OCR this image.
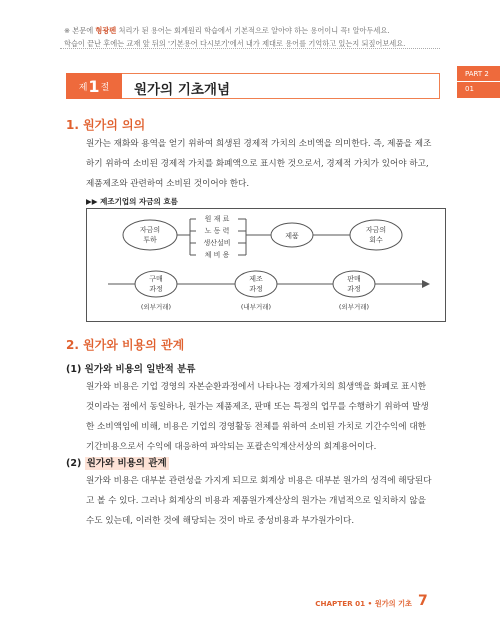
※ 본문에 형광펜 처리가 된 용어는 회계원리 학습에서 기본적으로 알아야 하는 용어이니 꼭! 알아두세요.
학습이 끝난 후에는 교재 앞 뒤의 '기본용어 다시보기'에서 내가 제대로 용어를 기억하고 있는지 되짚어보세요.
PART 2
01
제 1 절 원가의 기초개념
1. 원가의 의의
원가는 재화와 용역을 얻기 위하여 희생된 경제적 가치의 소비액을 의미한다. 즉, 제품을 제조
하기 위하여 소비된 경제적 가치를 화폐액으로 표시한 것으로서, 경제적 가치가 있어야 하고,
제품제조와 관련하여 소비된 것이어야 한다.
▶▶ 제조기업의 자금의 흐름
자금의
투하
원 재 료
노 동 력
생산설비
체 비 용
제품
자금의
회수
구매
과정
(외부거래)
제조
과정
(내부거래)
판매
과정
(외부거래)
2. 원가와 비용의 관계
(1) 원가와 비용의 일반적 분류
원가와 비용은 기업 경영의 자본순환과정에서 나타나는 경제가치의 희생액을 화폐로 표시한
것이라는 점에서 동일하나, 원가는 제품제조, 판매 또는 특정의 업무를 수행하기 위하여 발생
한 소비액임에 비해, 비용은 기업의 경영활동 전체를 위하여 소비된 가치로 기간수익에 대한
기간비용으로서 수익에 대응하여 파악되는 포괄손익계산서상의 회계용어이다.
(2) 원가와 비용의 관계
원가와 비용은 대부분 관련성을 가지게 되므로 회계상 비용은 대부분 원가의 성격에 해당된다
고 볼 수 있다. 그러나 회계상의 비용과 제품원가계산상의 원가는 개념적으로 일치하지 않을
수도 있는데, 이러한 것에 해당되는 것이 바로 중성비용과 부가원가이다.
CHAPTER 01 • 원가의 기초 7
